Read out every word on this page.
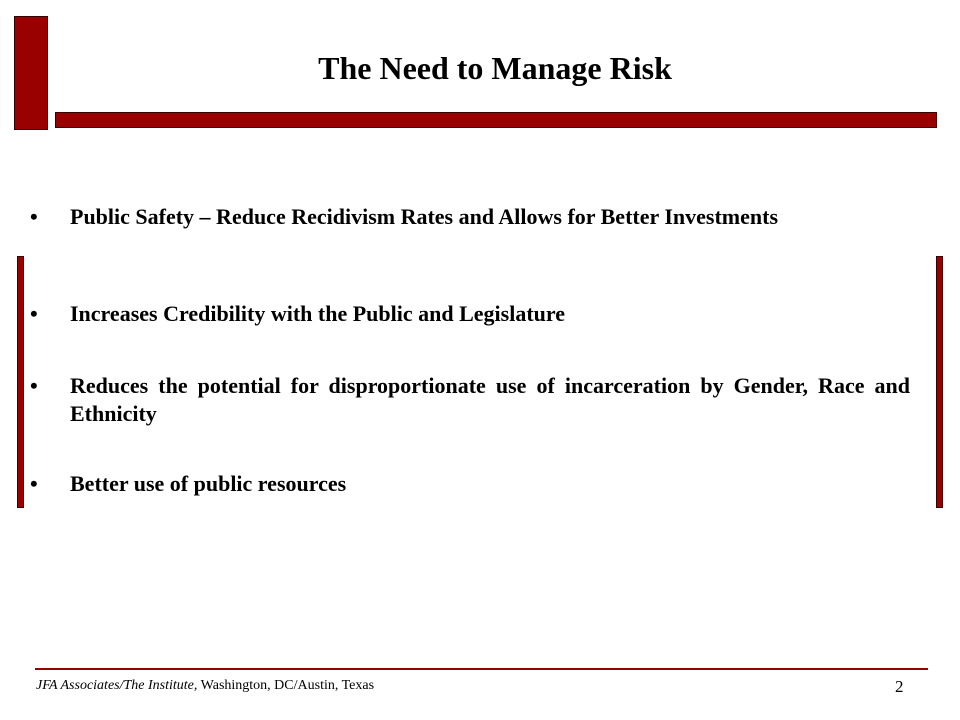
The Need to Manage Risk
• Public Safety – Reduce Recidivism Rates and Allows for Better Investments
• Increases Credibility with the Public and Legislature
• Reduces the potential for disproportionate use of incarceration by Gender, Race and Ethnicity
• Better use of public resources
JFA Associates/The Institute, Washington, DC/Austin, Texas	2
